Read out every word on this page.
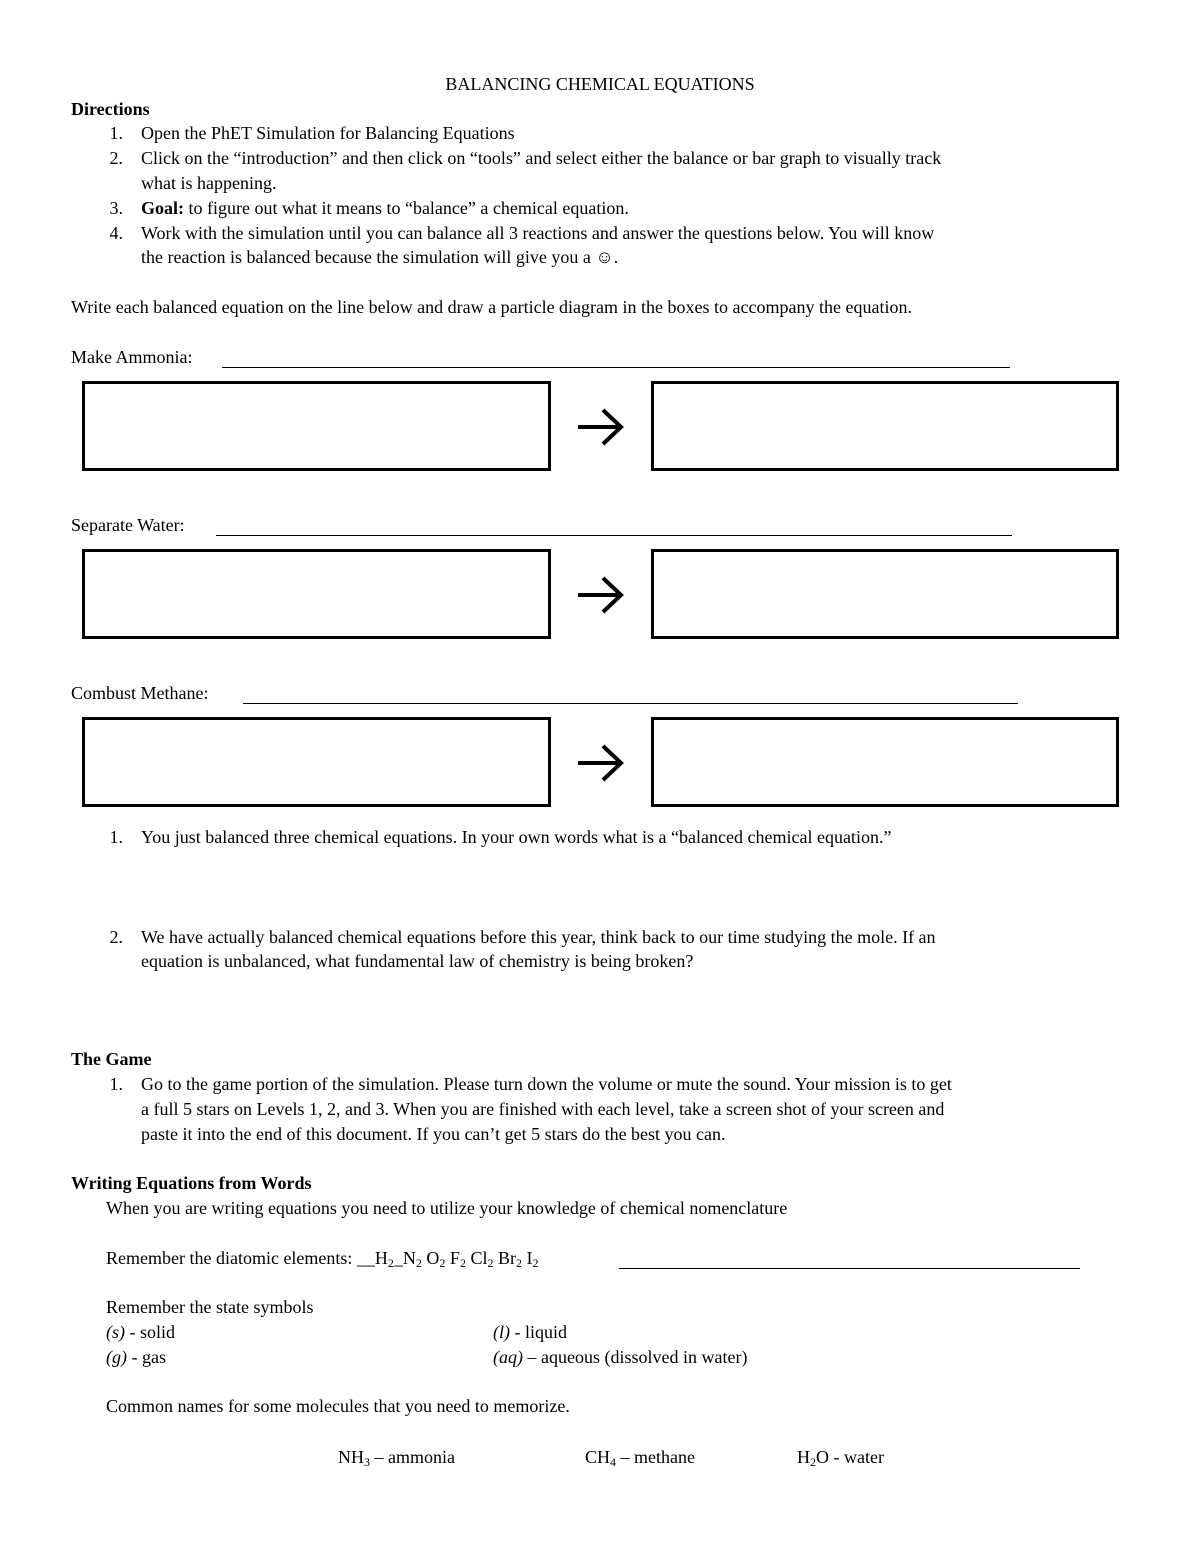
BALANCING CHEMICAL EQUATIONS
Directions
1. Open the PhET Simulation for Balancing Equations
2. Click on the “introduction” and then click on “tools” and select either the balance or bar graph to visually track
what is happening.
3. Goal: to figure out what it means to “balance” a chemical equation.
4. Work with the simulation until you can balance all 3 reactions and answer the questions below. You will know
the reaction is balanced because the simulation will give you a ☺.
Write each balanced equation on the line below and draw a particle diagram in the boxes to accompany the equation.
Make Ammonia:
Separate Water:
Combust Methane:
1. You just balanced three chemical equations. In your own words what is a “balanced chemical equation.”
2. We have actually balanced chemical equations before this year, think back to our time studying the mole. If an
equation is unbalanced, what fundamental law of chemistry is being broken?
The Game
1. Go to the game portion of the simulation. Please turn down the volume or mute the sound. Your mission is to get
a full 5 stars on Levels 1, 2, and 3. When you are finished with each level, take a screen shot of your screen and
paste it into the end of this document. If you can’t get 5 stars do the best you can.
Writing Equations from Words
When you are writing equations you need to utilize your knowledge of chemical nomenclature
Remember the diatomic elements: $\_\_H_2\_N_2$ $O_2$ $F_2$ $Cl_2$ $Br_2$ $I_2$
Remember the state symbols
(s) - solid	(l) - liquid
(g) - gas	(aq) – aqueous (dissolved in water)
Common names for some molecules that you need to memorize.
$NH_3$ – ammonia	$CH_4$ – methane	$H_2O$ - water
